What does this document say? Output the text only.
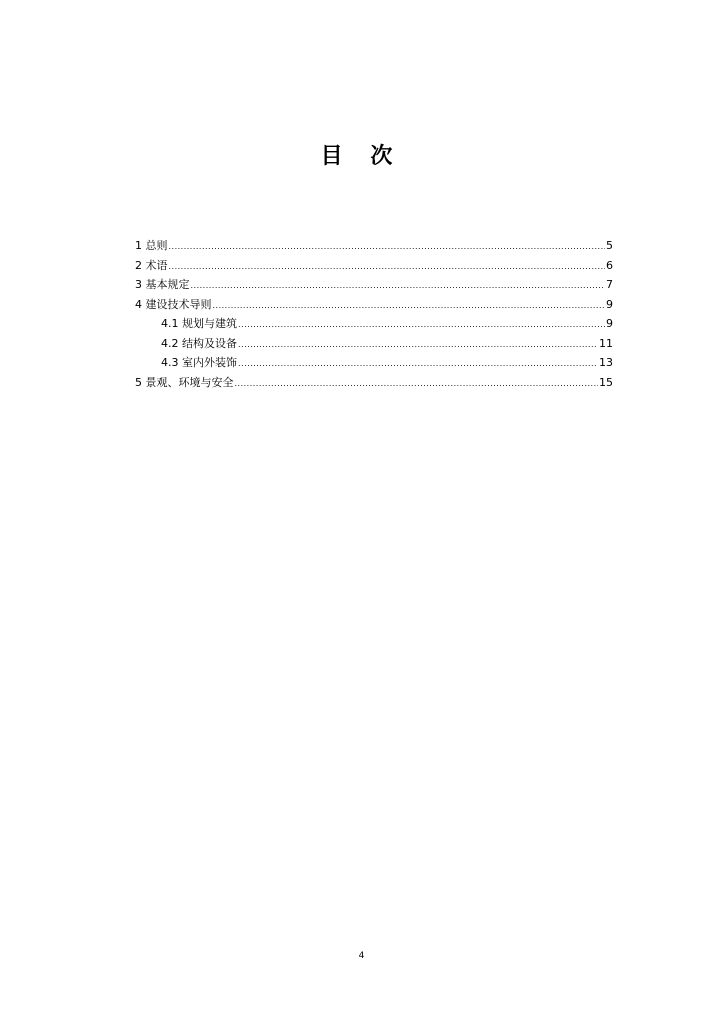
目 次
1 总则 .....	5
2 术语 .....	6
3 基本规定 .....	7
4 建设技术导则 .....	9
4.1 规划与建筑 .....	9
4.2 结构及设备 .....	11
4.3 室内外装饰 .....	13
5 景观、环境与安全 .....	15
4
